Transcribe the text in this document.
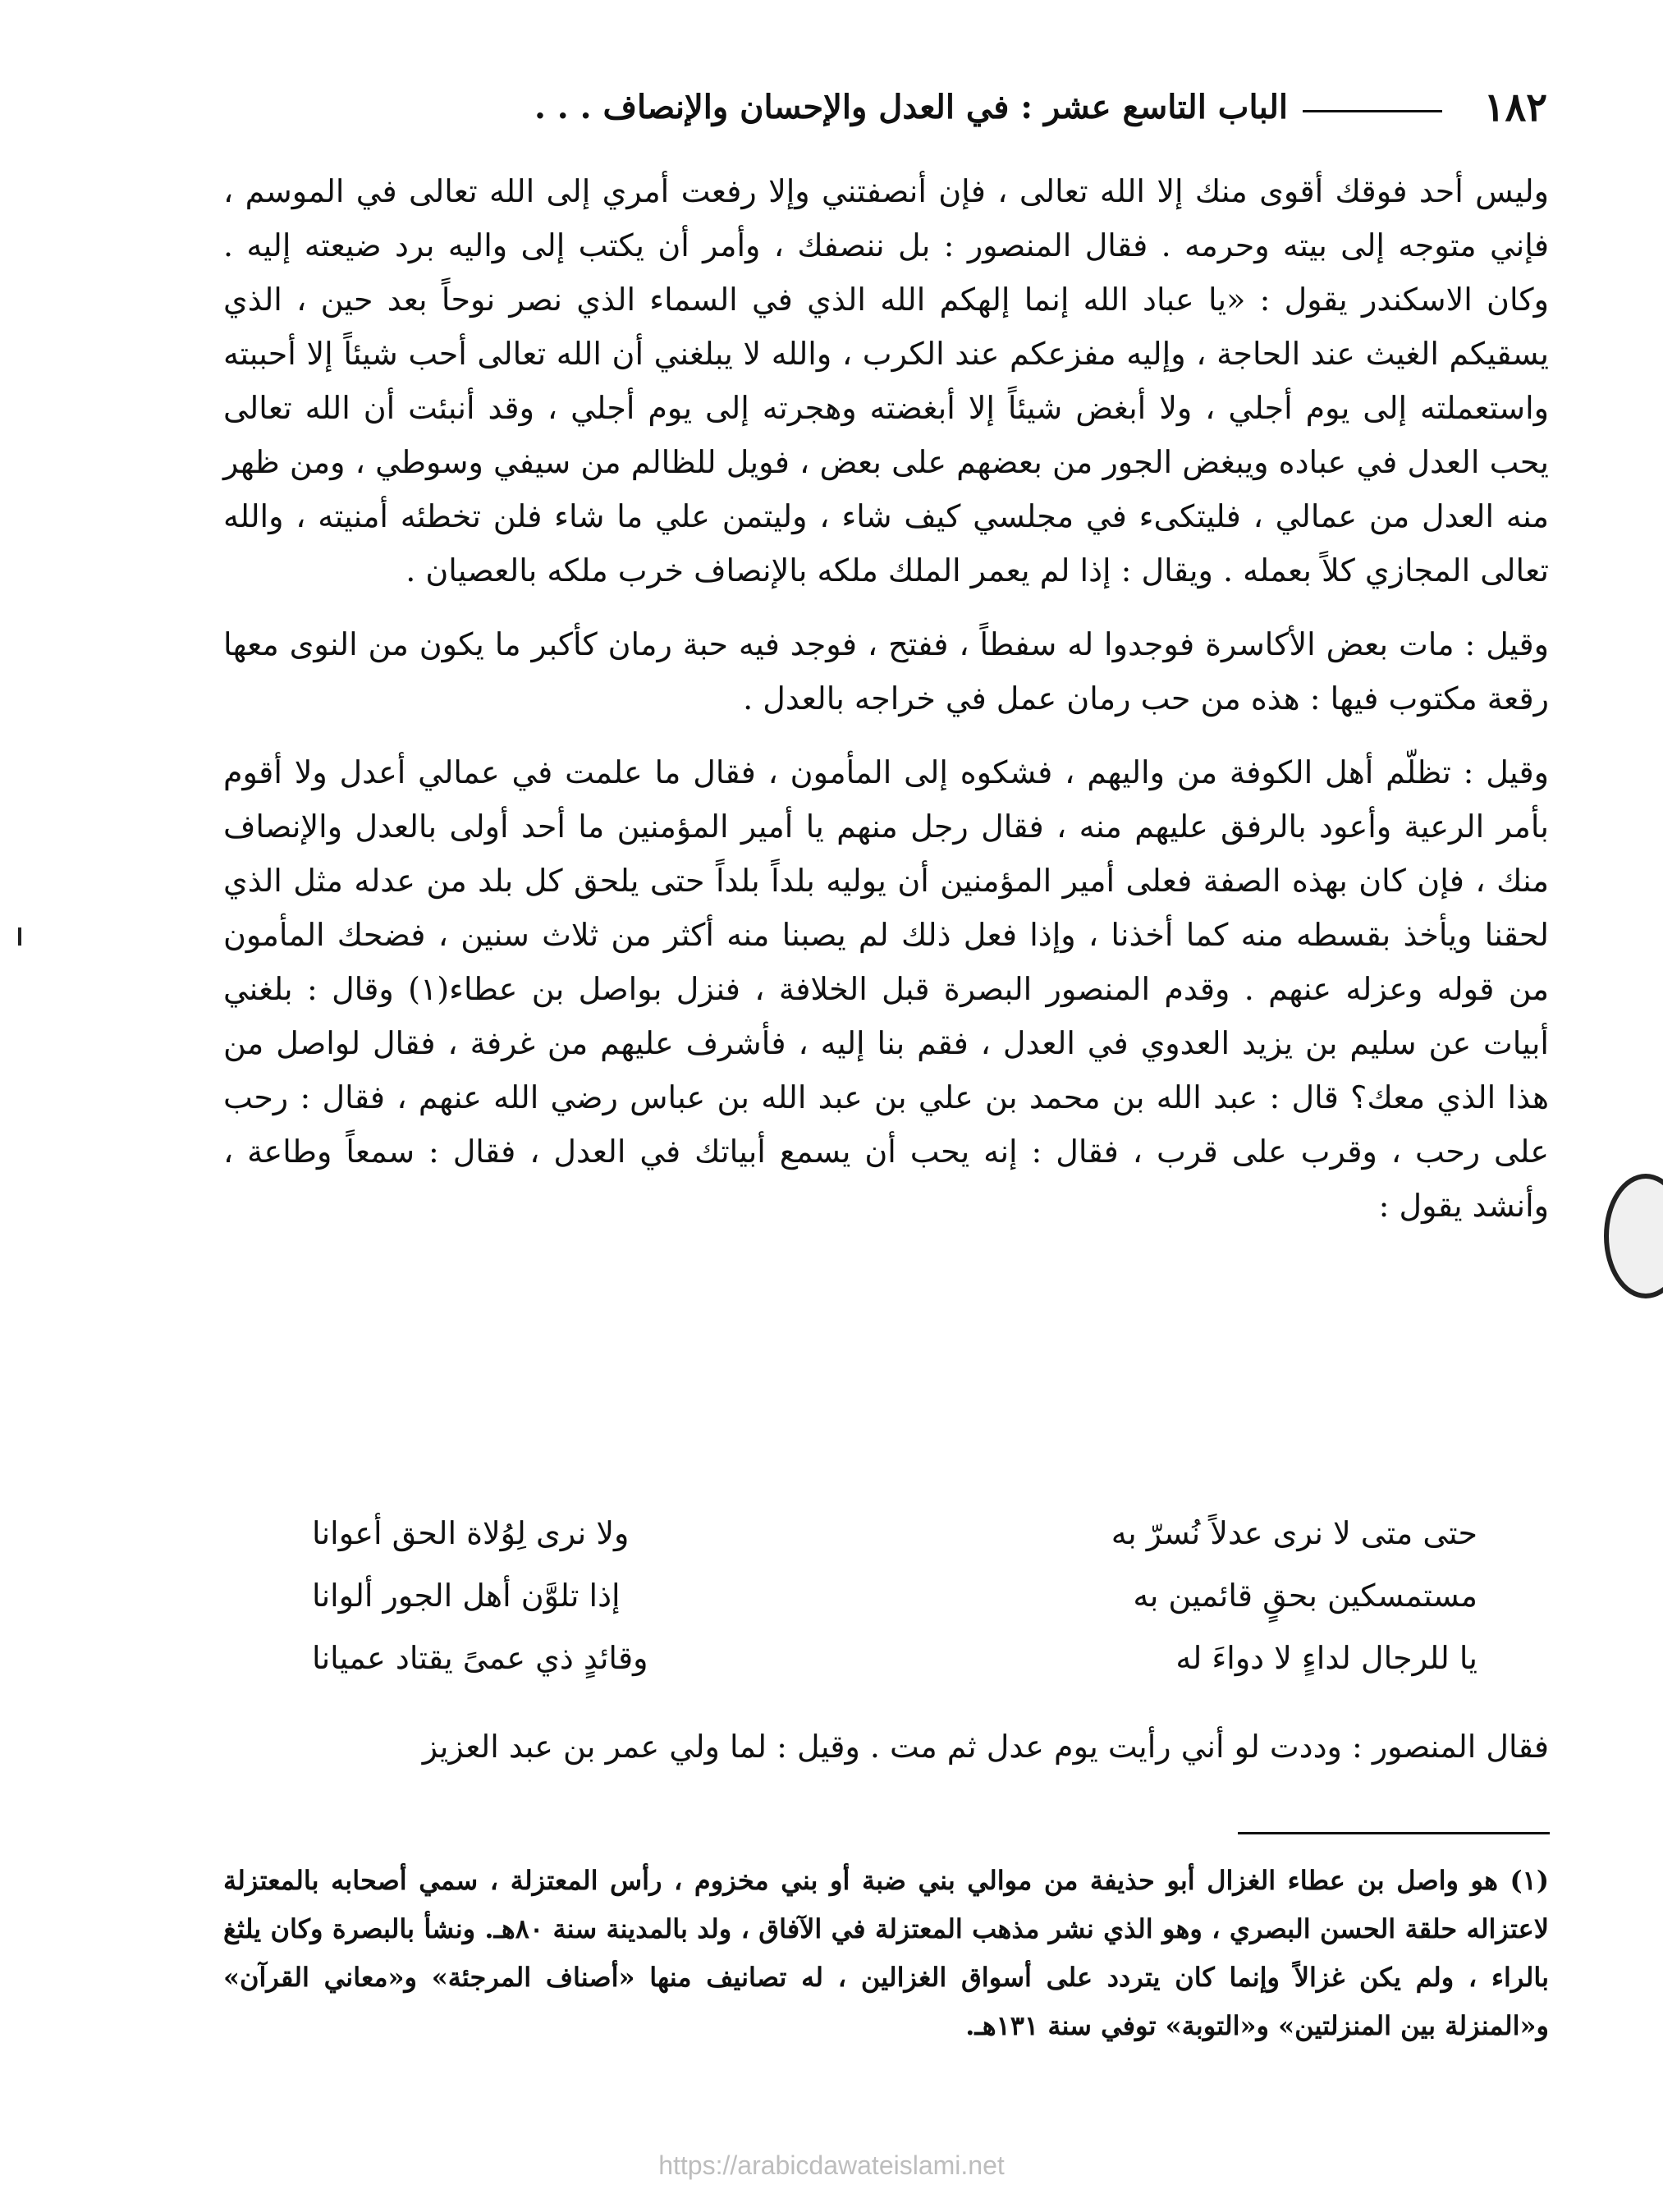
١٨٢
الباب التاسع عشر : في العدل والإحسان والإنصاف . . .

وليس أحد فوقك أقوى منك إلا الله تعالى ، فإن أنصفتني وإلا رفعت أمري إلى الله تعالى في الموسم ، فإني متوجه إلى بيته وحرمه . فقال المنصور : بل ننصفك ، وأمر أن يكتب إلى واليه برد ضيعته إليه . وكان الاسكندر يقول : «يا عباد الله إنما إلهكم الله الذي في السماء الذي نصر نوحاً بعد حين ، الذي يسقيكم الغيث عند الحاجة ، وإليه مفزعكم عند الكرب ، والله لا يبلغني أن الله تعالى أحب شيئاً إلا أحببته واستعملته إلى يوم أجلي ، ولا أبغض شيئاً إلا أبغضته وهجرته إلى يوم أجلي ، وقد أنبئت أن الله تعالى يحب العدل في عباده ويبغض الجور من بعضهم على بعض ، فويل للظالم من سيفي وسوطي ، ومن ظهر منه العدل من عمالي ، فليتكىء في مجلسي كيف شاء ، وليتمن علي ما شاء فلن تخطئه أمنيته ، والله تعالى المجازي كلاً بعمله . ويقال : إذا لم يعمر الملك ملكه بالإنصاف خرب ملكه بالعصيان .

وقيل : مات بعض الأكاسرة فوجدوا له سفطاً ، ففتح ، فوجد فيه حبة رمان كأكبر ما يكون من النوى معها رقعة مكتوب فيها : هذه من حب رمان عمل في خراجه بالعدل .

وقيل : تظلّم أهل الكوفة من واليهم ، فشكوه إلى المأمون ، فقال ما علمت في عمالي أعدل ولا أقوم بأمر الرعية وأعود بالرفق عليهم منه ، فقال رجل منهم يا أمير المؤمنين ما أحد أولى بالعدل والإنصاف منك ، فإن كان بهذه الصفة فعلى أمير المؤمنين أن يوليه بلداً بلداً حتى يلحق كل بلد من عدله مثل الذي لحقنا ويأخذ بقسطه منه كما أخذنا ، وإذا فعل ذلك لم يصبنا منه أكثر من ثلاث سنين ، فضحك المأمون من قوله وعزله عنهم . وقدم المنصور البصرة قبل الخلافة ، فنزل بواصل بن عطاء(١) وقال : بلغني أبيات عن سليم بن يزيد العدوي في العدل ، فقم بنا إليه ، فأشرف عليهم من غرفة ، فقال لواصل من هذا الذي معك؟ قال : عبد الله بن محمد بن علي بن عبد الله بن عباس رضي الله عنهم ، فقال : رحب على رحب ، وقرب على قرب ، فقال : إنه يحب أن يسمع أبياتك في العدل ، فقال : سمعاً وطاعة ، وأنشد يقول :

حتى متى لا نرى عدلاً نُسرّ به
ولا نرى لِوُلاة الحق أعوانا
مستمسكين بحقٍ قائمين به
إذا تلوَّن أهل الجور ألوانا
يا للرجال لداءٍ لا دواءَ له
وقائدٍ ذي عمىً يقتاد عميانا
فقال المنصور : وددت لو أني رأيت يوم عدل ثم مت . وقيل : لما ولي عمر بن عبد العزيز

(١) هو واصل بن عطاء الغزال أبو حذيفة من موالي بني ضبة أو بني مخزوم ، رأس المعتزلة ، سمي أصحابه بالمعتزلة لاعتزاله حلقة الحسن البصري ، وهو الذي نشر مذهب المعتزلة في الآفاق ، ولد بالمدينة سنة ٨٠هـ. ونشأ بالبصرة وكان يلثغ بالراء ، ولم يكن غزالاً وإنما كان يتردد على أسواق الغزالين ، له تصانيف منها «أصناف المرجئة» و«معاني القرآن» و«المنزلة بين المنزلتين» و«التوبة» توفي سنة ١٣١هـ.

https://arabicdawateislami.net
